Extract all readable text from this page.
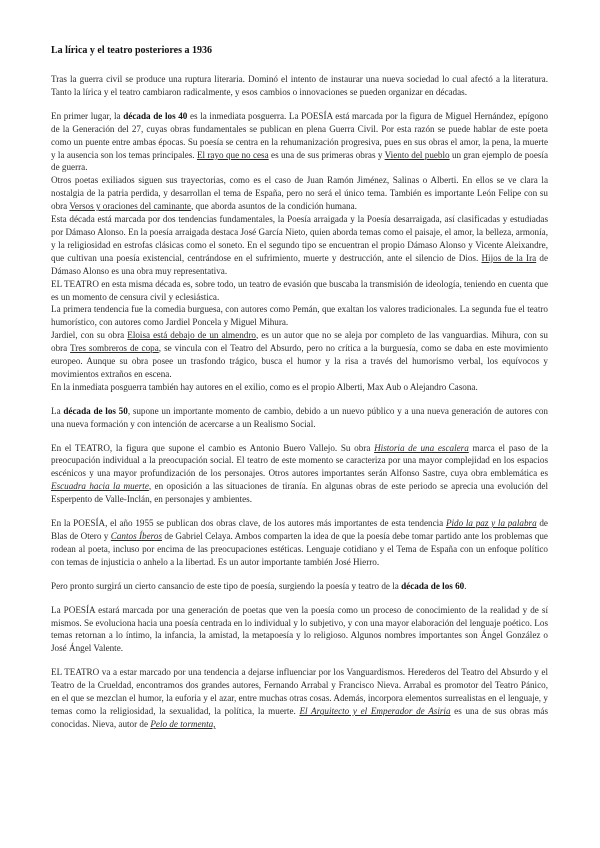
La lírica y el teatro posteriores a 1936

Tras la guerra civil se produce una ruptura literaria. Dominó el intento de instaurar una nueva sociedad lo cual afectó a la literatura. Tanto la lírica y el teatro cambiaron radicalmente, y esos cambios o innovaciones se pueden organizar en décadas.

En primer lugar, la década de los 40 es la inmediata posguerra. La POESÍA está marcada por la figura de Miguel Hernández, epígono de la Generación del 27, cuyas obras fundamentales se publican en plena Guerra Civil. Por esta razón se puede hablar de este poeta como un puente entre ambas épocas. Su poesía se centra en la rehumanización progresiva, pues en sus obras el amor, la pena, la muerte y la ausencia son los temas principales. El rayo que no cesa es una de sus primeras obras y Viento del pueblo un gran ejemplo de poesía de guerra.

Otros poetas exiliados siguen sus trayectorias, como es el caso de Juan Ramón Jiménez, Salinas o Alberti. En ellos se ve clara la nostalgia de la patria perdida, y desarrollan el tema de España, pero no será el único tema. También es importante León Felipe con su obra Versos y oraciones del caminante, que aborda asuntos de la condición humana.

Esta década está marcada por dos tendencias fundamentales, la Poesía arraigada y la Poesía desarraigada, así clasificadas y estudiadas por Dámaso Alonso. En la poesía arraigada destaca José García Nieto, quien aborda temas como el paisaje, el amor, la belleza, armonía, y la religiosidad en estrofas clásicas como el soneto. En el segundo tipo se encuentran el propio Dámaso Alonso y Vicente Aleixandre, que cultivan una poesía existencial, centrándose en el sufrimiento, muerte y destrucción, ante el silencio de Dios. Hijos de la Ira de Dámaso Alonso es una obra muy representativa.

EL TEATRO en esta misma década es, sobre todo, un teatro de evasión que buscaba la transmisión de ideología, teniendo en cuenta que es un momento de censura civil y eclesiástica.

La primera tendencia fue la comedia burguesa, con autores como Pemán, que exaltan los valores tradicionales. La segunda fue el teatro humorístico, con autores como Jardiel Poncela y Miguel Mihura.

Jardiel, con su obra Eloisa está debajo de un almendro, es un autor que no se aleja por completo de las vanguardias. Mihura, con su obra Tres sombreros de copa, se vincula con el Teatro del Absurdo, pero no crítica a la burguesía, como se daba en este movimiento europeo. Aunque su obra posee un trasfondo trágico, busca el humor y la risa a través del humorismo verbal, los equívocos y movimientos extraños en escena.

En la inmediata posguerra también hay autores en el exilio, como es el propio Alberti, Max Aub o Alejandro Casona.

La década de los 50, supone un importante momento de cambio, debido a un nuevo público y a una nueva generación de autores con una nueva formación y con intención de acercarse a un Realismo Social.

En el TEATRO, la figura que supone el cambio es Antonio Buero Vallejo. Su obra Historia de una escalera marca el paso de la preocupación individual a la preocupación social. El teatro de este momento se caracteriza por una mayor complejidad en los espacios escénicos y una mayor profundización de los personajes. Otros autores importantes serán Alfonso Sastre, cuya obra emblemática es Escuadra hacia la muerte, en oposición a las situaciones de tiranía. En algunas obras de este periodo se aprecia una evolución del Esperpento de Valle-Inclán, en personajes y ambientes.

En la POESÍA, el año 1955 se publican dos obras clave, de los autores más importantes de esta tendencia Pido la paz y la palabra de Blas de Otero y Cantos Íberos de Gabriel Celaya. Ambos comparten la idea de que la poesía debe tomar partido ante los problemas que rodean al poeta, incluso por encima de las preocupaciones estéticas. Lenguaje cotidiano y el Tema de España con un enfoque político con temas de injusticia o anhelo a la libertad. Es un autor importante también José Hierro.

Pero pronto surgirá un cierto cansancio de este tipo de poesía, surgiendo la poesía y teatro de la década de los 60.

La POESÍA estará marcada por una generación de poetas que ven la poesía como un proceso de conocimiento de la realidad y de sí mismos. Se evoluciona hacia una poesía centrada en lo individual y lo subjetivo, y con una mayor elaboración del lenguaje poético. Los temas retornan a lo íntimo, la infancia, la amistad, la metapoesía y lo religioso. Algunos nombres importantes son Ángel González o José Ángel Valente.

EL TEATRO va a estar marcado por una tendencia a dejarse influenciar por los Vanguardismos. Herederos del Teatro del Absurdo y el Teatro de la Crueldad, encontramos dos grandes autores, Fernando Arrabal y Francisco Nieva. Arrabal es promotor del Teatro Pánico, en el que se mezclan el humor, la euforia y el azar, entre muchas otras cosas. Además, incorpora elementos surrealistas en el lenguaje, y temas como la religiosidad, la sexualidad, la política, la muerte. El Arquitecto y el Emperador de Asiria es una de sus obras más conocidas. Nieva, autor de Pelo de tormenta,
